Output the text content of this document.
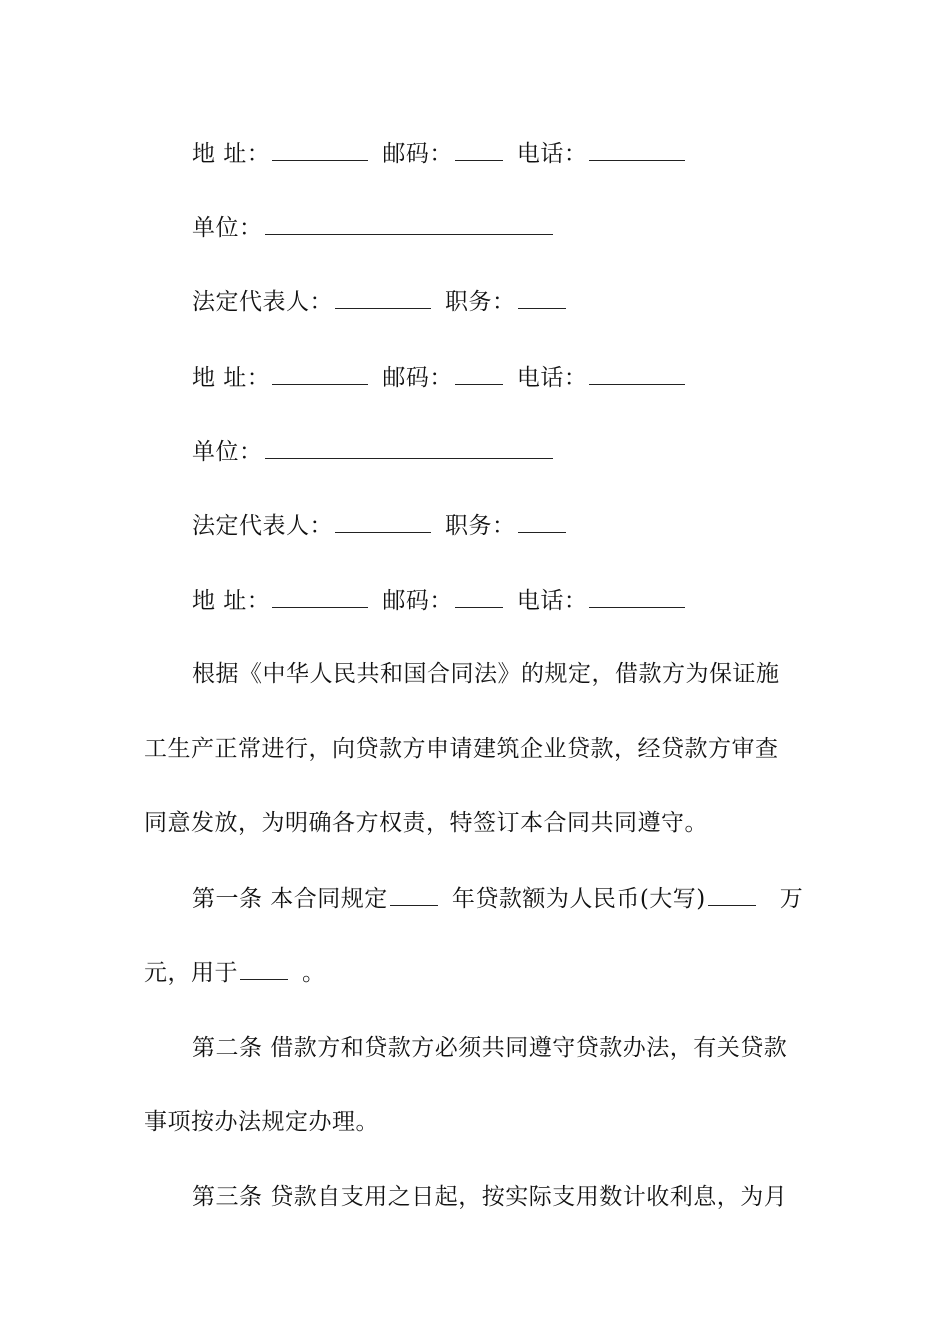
地 址：	邮码：	电话：
单位：
法定代表人：	职务：
地 址：	邮码：	电话：
单位：
法定代表人：	职务：
地 址：	邮码：	电话：
根据《中华人民共和国合同法》的规定，借款方为保证施
工生产正常进行，向贷款方申请建筑企业贷款，经贷款方审查
同意发放，为明确各方权责，特签订本合同共同遵守。
第一条 本合同规定	年贷款额为人民币(大写)	万
元，用于	。
第二条 借款方和贷款方必须共同遵守贷款办法，有关贷款
事项按办法规定办理。
第三条 贷款自支用之日起，按实际支用数计收利息，为月
